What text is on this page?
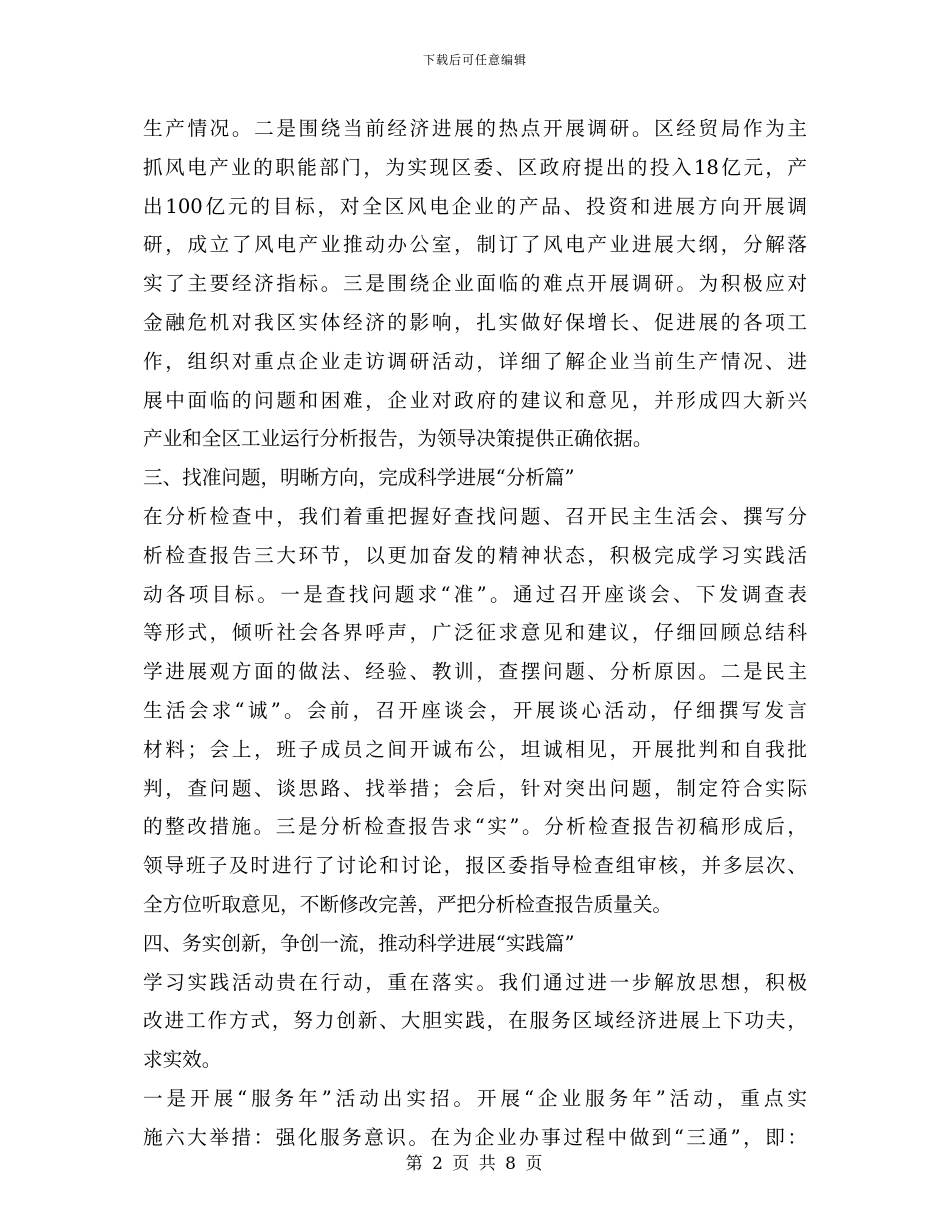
下载后可任意编辑
生产情况。二是围绕当前经济进展的热点开展调研。区经贸局作为主
抓风电产业的职能部门，为实现区委、区政府提出的投入18亿元，产
出100亿元的目标，对全区风电企业的产品、投资和进展方向开展调
研，成立了风电产业推动办公室，制订了风电产业进展大纲，分解落
实了主要经济指标。三是围绕企业面临的难点开展调研。为积极应对
金融危机对我区实体经济的影响，扎实做好保增长、促进展的各项工
作，组织对重点企业走访调研活动，详细了解企业当前生产情况、进
展中面临的问题和困难，企业对政府的建议和意见，并形成四大新兴
产业和全区工业运行分析报告，为领导决策提供正确依据。
三、找准问题，明晰方向，完成科学进展“分析篇”
在分析检查中，我们着重把握好查找问题、召开民主生活会、撰写分
析检查报告三大环节，以更加奋发的精神状态，积极完成学习实践活
动各项目标。一是查找问题求“准”。通过召开座谈会、下发调查表
等形式，倾听社会各界呼声，广泛征求意见和建议，仔细回顾总结科
学进展观方面的做法、经验、教训，查摆问题、分析原因。二是民主
生活会求“诚”。会前，召开座谈会，开展谈心活动，仔细撰写发言
材料；会上，班子成员之间开诚布公，坦诚相见，开展批判和自我批
判，查问题、谈思路、找举措；会后，针对突出问题，制定符合实际
的整改措施。三是分析检查报告求“实”。分析检查报告初稿形成后，
领导班子及时进行了讨论和讨论，报区委指导检查组审核，并多层次、
全方位听取意见，不断修改完善，严把分析检查报告质量关。
四、务实创新，争创一流，推动科学进展“实践篇”
学习实践活动贵在行动，重在落实。我们通过进一步解放思想，积极
改进工作方式，努力创新、大胆实践，在服务区域经济进展上下功夫，
求实效。
一是开展“服务年”活动出实招。开展“企业服务年”活动，重点实
施六大举措：强化服务意识。在为企业办事过程中做到“三通”，即：
第 2 页 共 8 页
